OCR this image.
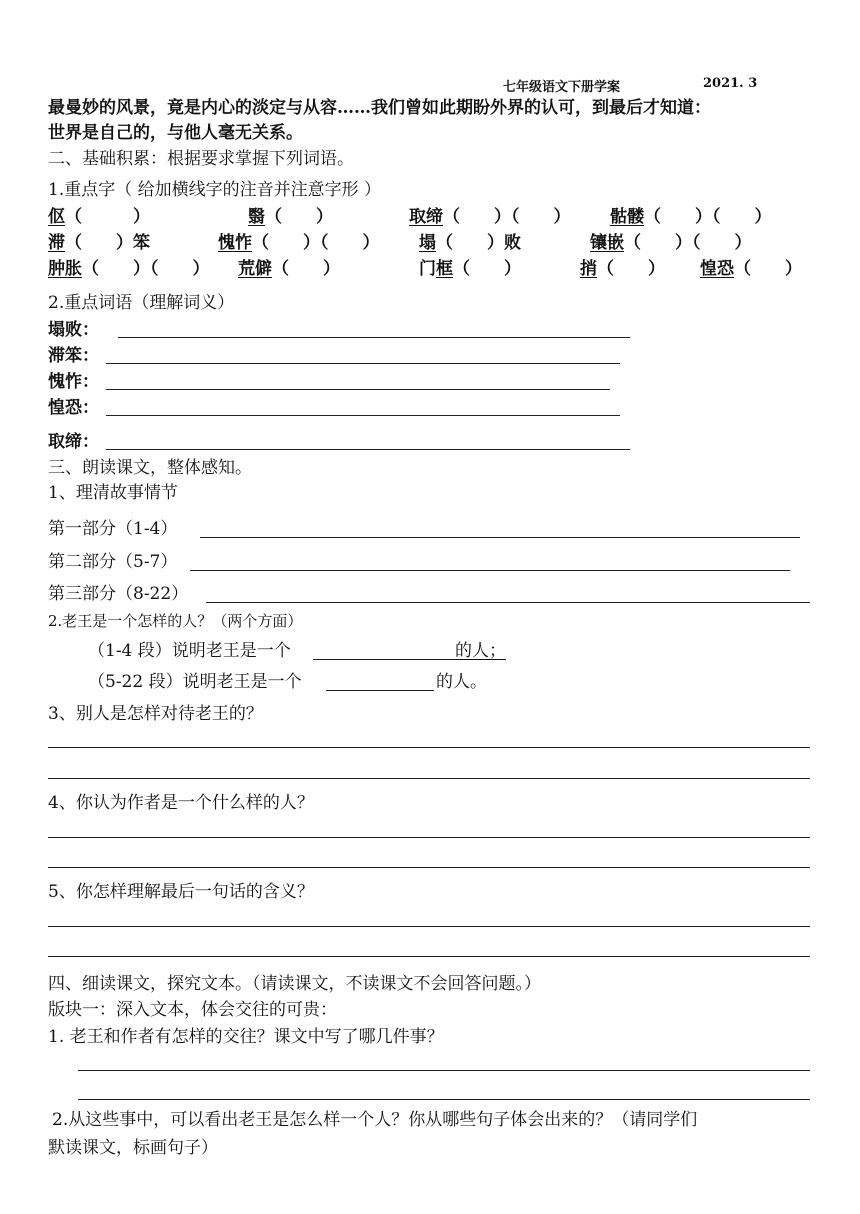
七年级语文下册学案	2021. 3
最曼妙的风景，竟是内心的淡定与从容……我们曾如此期盼外界的认可，到最后才知道：
世界是自己的，与他人毫无关系。
二、基础积累：根据要求掌握下列词语。
1.重点字（ 给加横线字的注音并注意字形 ）
伛（　　　）	翳（　　）	取缔（　　）（　　） 骷髅（　　）（　　）
滞（　　）笨	愧怍（　　）（　　） 塌（　　）败	镶嵌（　　）（　　）
肿胀（　　）（　　） 荒僻（　　）	门框（　　）	捎（　　） 惶恐（　　）
2.重点词语（理解词义）
塌败：
滞笨：
愧怍：
惶恐：
取缔：
三、朗读课文，整体感知。
1、理清故事情节
第一部分（1-4）
第二部分（5-7）
第三部分（8-22）
2.老王是一个怎样的人？（两个方面）
（1-4 段）说明老王是一个	的人；
（5-22 段）说明老王是一个	的人。
3、别人是怎样对待老王的？
4、你认为作者是一个什么样的人？
5、你怎样理解最后一句话的含义？
四、细读课文，探究文本。（请读课文，不读课文不会回答问题。）
版块一：深入文本，体会交往的可贵：
1. 老王和作者有怎样的交往？课文中写了哪几件事？
2.从这些事中，可以看出老王是怎么样一个人？你从哪些句子体会出来的？（请同学们
默读课文，标画句子）
